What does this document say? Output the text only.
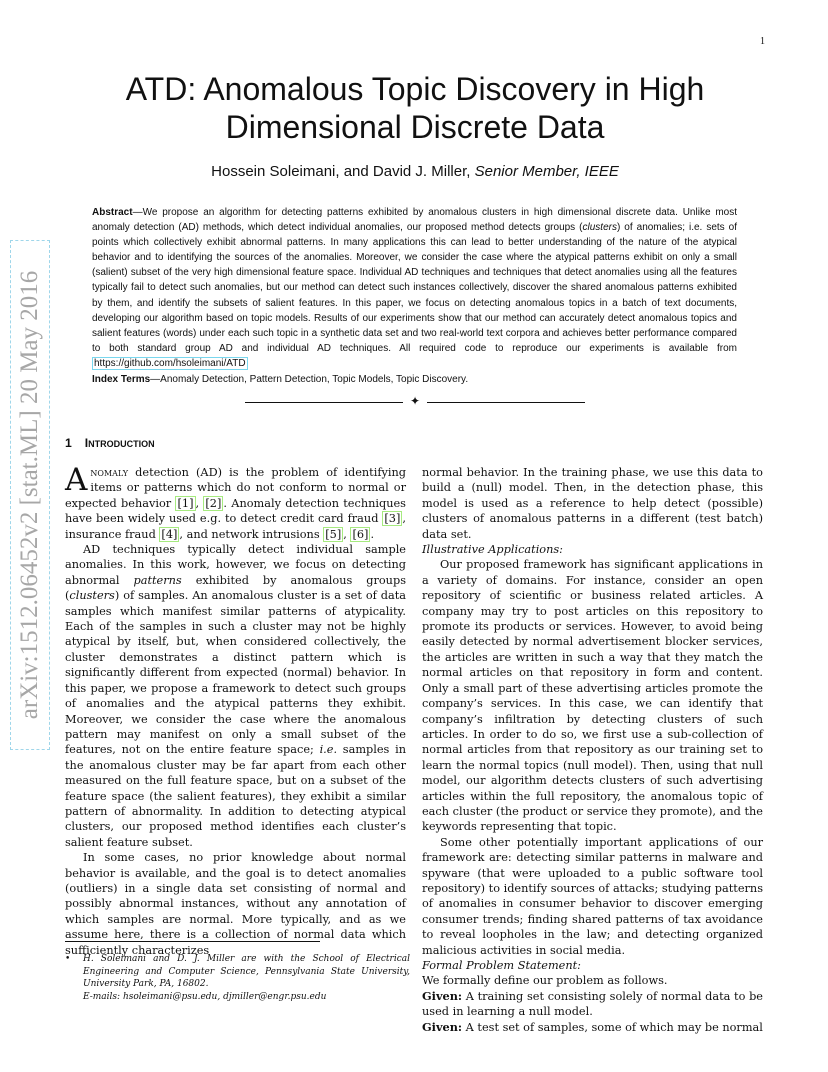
1
arXiv:1512.06452v2 [stat.ML] 20 May 2016
ATD: Anomalous Topic Discovery in High Dimensional Discrete Data
Hossein Soleimani, and David J. Miller, Senior Member, IEEE
Abstract—We propose an algorithm for detecting patterns exhibited by anomalous clusters in high dimensional discrete data. Unlike most anomaly detection (AD) methods, which detect individual anomalies, our proposed method detects groups (clusters) of anomalies; i.e. sets of points which collectively exhibit abnormal patterns. In many applications this can lead to better understanding of the nature of the atypical behavior and to identifying the sources of the anomalies. Moreover, we consider the case where the atypical patterns exhibit on only a small (salient) subset of the very high dimensional feature space. Individual AD techniques and techniques that detect anomalies using all the features typically fail to detect such anomalies, but our method can detect such instances collectively, discover the shared anomalous patterns exhibited by them, and identify the subsets of salient features. In this paper, we focus on detecting anomalous topics in a batch of text documents, developing our algorithm based on topic models. Results of our experiments show that our method can accurately detect anomalous topics and salient features (words) under each such topic in a synthetic data set and two real-world text corpora and achieves better performance compared to both standard group AD and individual AD techniques. All required code to reproduce our experiments is available from https://github.com/hsoleimani/ATD
Index Terms—Anomaly Detection, Pattern Detection, Topic Models, Topic Discovery.
✦
1 Introduction

Anomaly detection (AD) is the problem of identifying items or patterns which do not conform to normal or expected behavior [1] , [2] . Anomaly detection techniques have been widely used e.g. to detect credit card fraud [3] , insurance fraud [4] , and network intrusions [5] , [6] .

AD techniques typically detect individual sample anomalies. In this work, however, we focus on detecting abnormal patterns exhibited by anomalous groups (clusters) of samples. An anomalous cluster is a set of data samples which manifest similar patterns of atypicality. Each of the samples in such a cluster may not be highly atypical by itself, but, when considered collectively, the cluster demonstrates a distinct pattern which is significantly different from expected (normal) behavior. In this paper, we propose a framework to detect such groups of anomalies and the atypical patterns they exhibit. Moreover, we consider the case where the anomalous pattern may manifest on only a small subset of the features, not on the entire feature space; i.e. samples in the anomalous cluster may be far apart from each other measured on the full feature space, but on a subset of the feature space (the salient features), they exhibit a similar pattern of abnormality. In addition to detecting atypical clusters, our proposed method identifies each cluster’s salient feature subset.

In some cases, no prior knowledge about normal behavior is available, and the goal is to detect anomalies (outliers) in a single data set consisting of normal and possibly abnormal instances, without any annotation of which samples are normal. More typically, and as we assume here, there is a collection of normal data which sufficiently characterizes

normal behavior. In the training phase, we use this data to build a (null) model. Then, in the detection phase, this model is used as a reference to help detect (possible) clusters of anomalous patterns in a different (test batch) data set.

Illustrative Applications:

Our proposed framework has significant applications in a variety of domains. For instance, consider an open repository of scientific or business related articles. A company may try to post articles on this repository to promote its products or services. However, to avoid being easily detected by normal advertisement blocker services, the articles are written in such a way that they match the normal articles on that repository in form and content. Only a small part of these advertising articles promote the company’s services. In this case, we can identify that company’s infiltration by detecting clusters of such articles. In order to do so, we first use a sub-collection of normal articles from that repository as our training set to learn the normal topics (null model). Then, using that null model, our algorithm detects clusters of such advertising articles within the full repository, the anomalous topic of each cluster (the product or service they promote), and the keywords representing that topic.

Some other potentially important applications of our framework are: detecting similar patterns in malware and spyware (that were uploaded to a public software tool repository) to identify sources of attacks; studying patterns of anomalies in consumer behavior to discover emerging consumer trends; finding shared patterns of tax avoidance to reveal loopholes in the law; and detecting organized malicious activities in social media.

Formal Problem Statement:

We formally define our problem as follows.

Given: A training set consisting solely of normal data to be used in learning a null model.

Given: A test set of samples, some of which may be normal

• H. Soleimani and D. J. Miller are with the School of Electrical Engineering and Computer Science, Pennsylvania State University, University Park, PA, 16802.
E-mails: hsoleimani@psu.edu, djmiller@engr.psu.edu
